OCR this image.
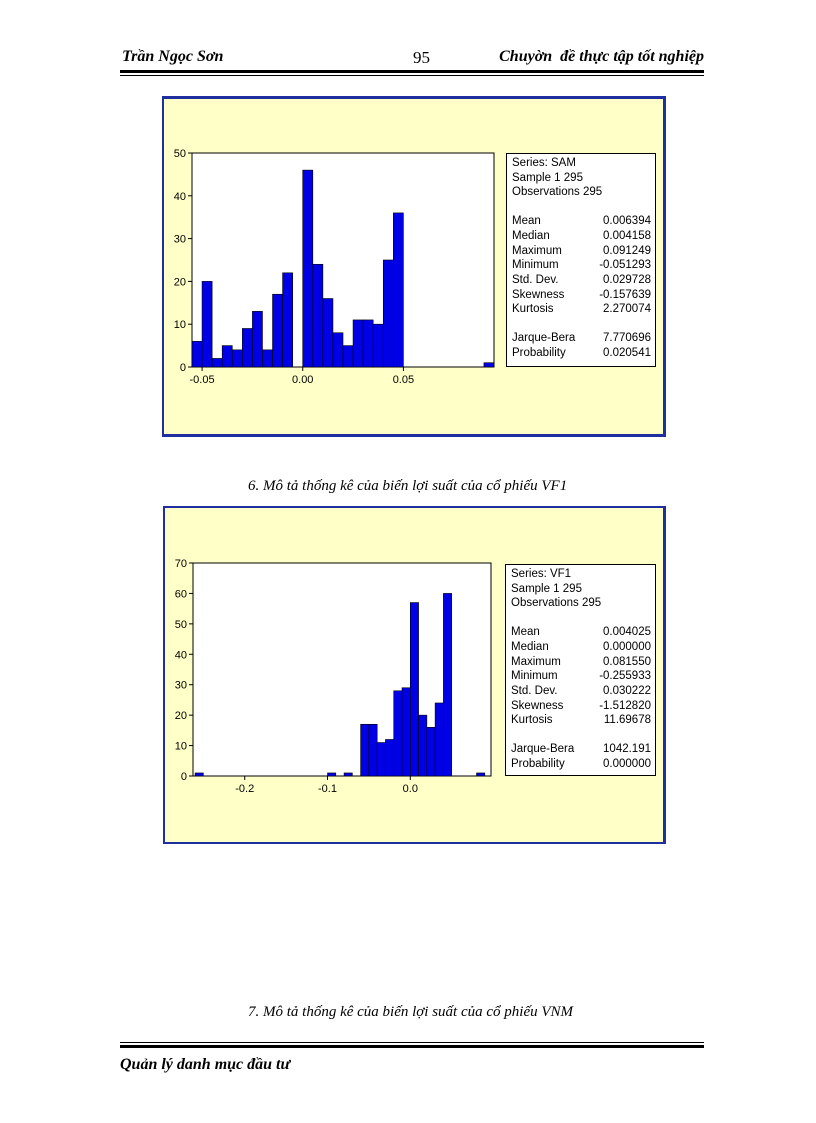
Trần Ngọc Sơn	95	Chuyờn  đề thực tập tốt nghiệp
0
10
20
30
40
50
-0.05	0.00	0.05
Series: SAM
Sample 1 295
Observations 295
Mean	0.006394
Median	0.004158
Maximum	0.091249
Minimum	-0.051293
Std. Dev.	0.029728
Skewness	-0.157639
Kurtosis	2.270074
Jarque-Bera 7.770696
Probability	0.020541
6. Mô tả thống kê của biến lợi suất của cổ phiếu VF1
0
10
20
30
40
50
60
70
-0.2	-0.1	0.0
Series: VF1
Sample 1 295
Observations 295
Mean	0.004025
Median	0.000000
Maximum	0.081550
Minimum	-0.255933
Std. Dev.	0.030222
Skewness	-1.512820
Kurtosis	11.69678
Jarque-Bera 1042.191
Probability	0.000000
7. Mô tả thống kê của biến lợi suất của cổ phiếu VNM
Quản lý danh mục đầu tư
